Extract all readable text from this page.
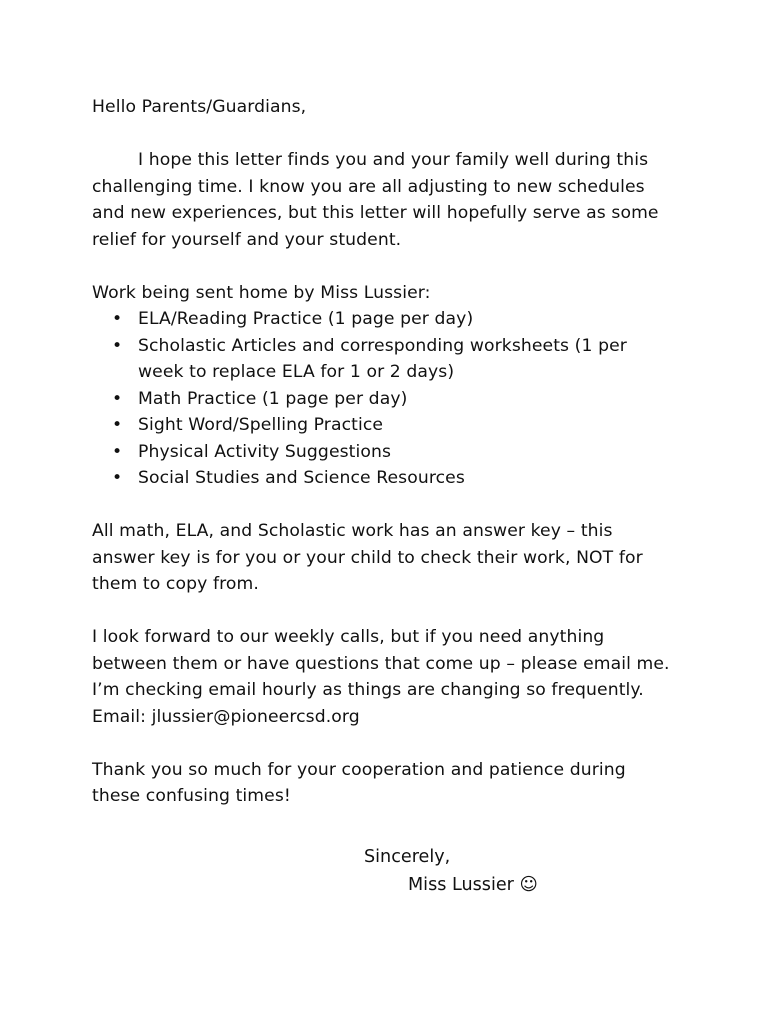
Hello Parents/Guardians,

I hope this letter finds you and your family well during this challenging time. I know you are all adjusting to new schedules and new experiences, but this letter will hopefully serve as some relief for yourself and your student.

Work being sent home by Miss Lussier:

• ELA/Reading Practice (1 page per day)
• Scholastic Articles and corresponding worksheets (1 per week to replace ELA for 1 or 2 days)
• Math Practice (1 page per day)
• Sight Word/Spelling Practice
• Physical Activity Suggestions
• Social Studies and Science Resources

All math, ELA, and Scholastic work has an answer key – this answer key is for you or your child to check their work, NOT for them to copy from.

I look forward to our weekly calls, but if you need anything between them or have questions that come up – please email me. I’m checking email hourly as things are changing so frequently. Email: jlussier@pioneercsd.org

Thank you so much for your cooperation and patience during these confusing times!

Sincerely,
Miss Lussier ☺
